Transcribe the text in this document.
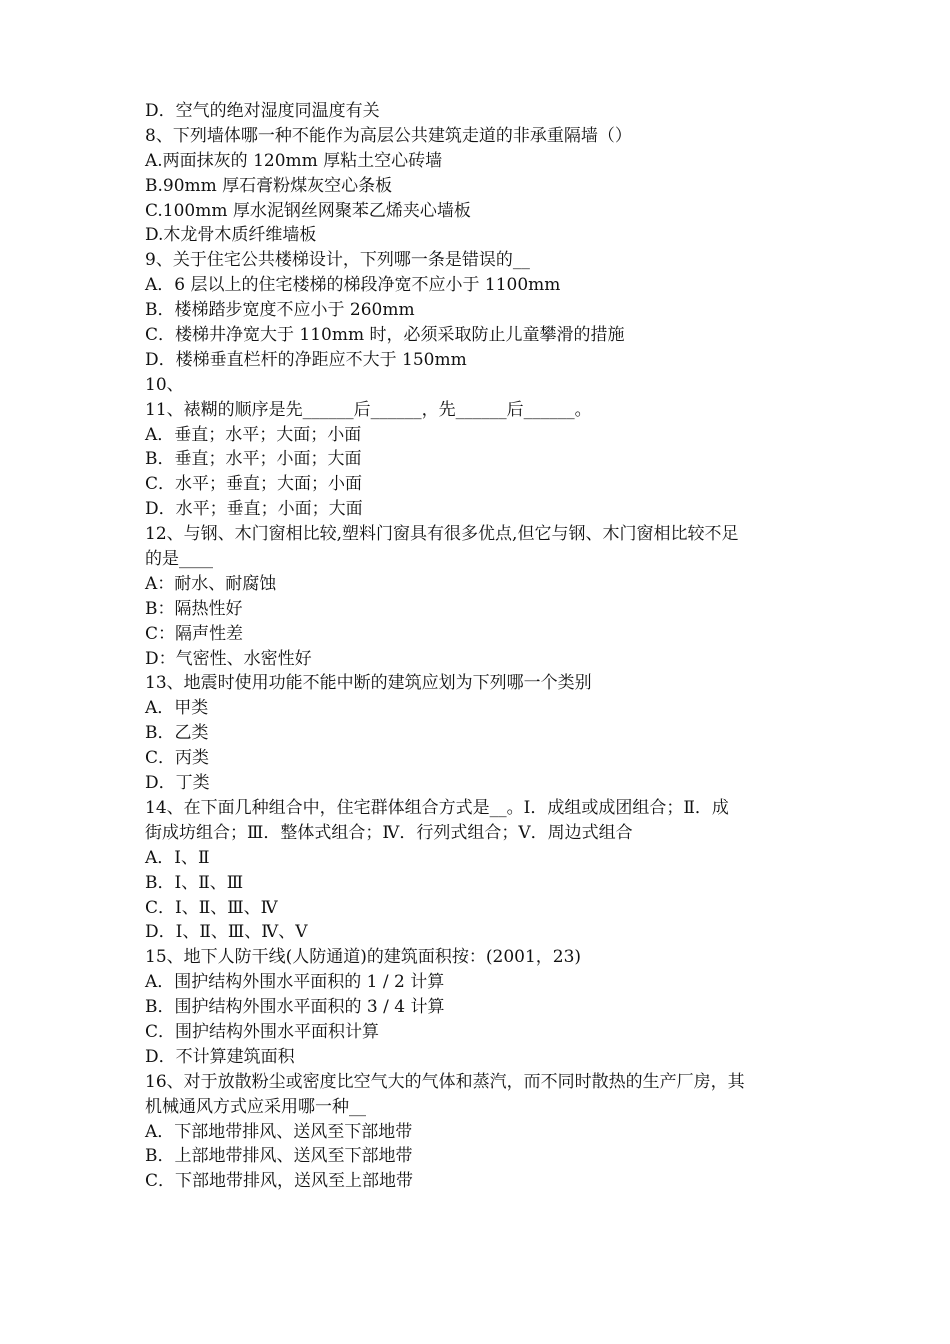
D．空气的绝对湿度同温度有关
8、下列墙体哪一种不能作为高层公共建筑走道的非承重隔墙（）
A.两面抹灰的 120mm 厚粘土空心砖墙
B.90mm 厚石膏粉煤灰空心条板
C.100mm 厚水泥钢丝网聚苯乙烯夹心墙板
D.木龙骨木质纤维墙板
9、关于住宅公共楼梯设计，下列哪一条是错误的__
A．6 层以上的住宅楼梯的梯段净宽不应小于 1100mm
B．楼梯踏步宽度不应小于 260mm
C．楼梯井净宽大于 110mm 时，必须采取防止儿童攀滑的措施
D．楼梯垂直栏杆的净距应不大于 150mm
10、
11、裱糊的顺序是先______后______，先______后______。
A．垂直；水平；大面；小面
B．垂直；水平；小面；大面
C．水平；垂直；大面；小面
D．水平；垂直；小面；大面
12、与钢、木门窗相比较,塑料门窗具有很多优点,但它与钢、木门窗相比较不足
的是____
A：耐水、耐腐蚀
B：隔热性好
C：隔声性差
D：气密性、水密性好
13、地震时使用功能不能中断的建筑应划为下列哪一个类别
A．甲类
B．乙类
C．丙类
D．丁类
14、在下面几种组合中，住宅群体组合方式是__。Ⅰ．成组或成团组合；Ⅱ．成
街成坊组合；Ⅲ．整体式组合；Ⅳ．行列式组合；Ⅴ．周边式组合
A．Ⅰ、Ⅱ
B．Ⅰ、Ⅱ、Ⅲ
C．Ⅰ、Ⅱ、Ⅲ、Ⅳ
D．Ⅰ、Ⅱ、Ⅲ、Ⅳ、Ⅴ
15、地下人防干线(人防通道)的建筑面积按：(2001，23)
A．围护结构外围水平面积的 1 / 2 计算
B．围护结构外围水平面积的 3 / 4 计算
C．围护结构外围水平面积计算
D．不计算建筑面积
16、对于放散粉尘或密度比空气大的气体和蒸汽，而不同时散热的生产厂房，其
机械通风方式应采用哪一种__
A．下部地带排风、送风至下部地带
B．上部地带排风、送风至下部地带
C．下部地带排风，送风至上部地带
